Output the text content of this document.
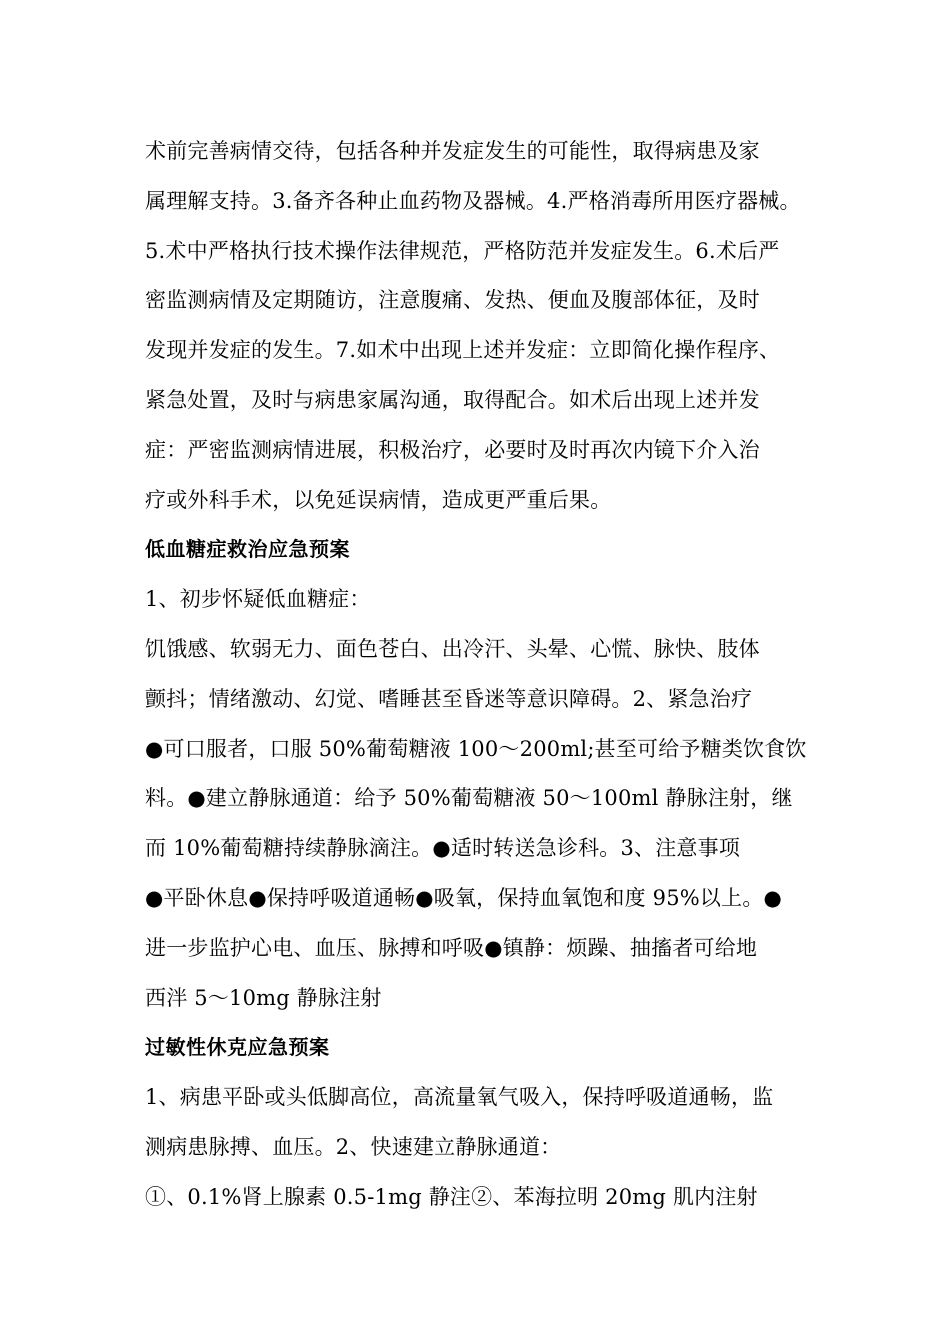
术前完善病情交待，包括各种并发症发生的可能性，取得病患及家
属理解支持。3.备齐各种止血药物及器械。4.严格消毒所用医疗器械。
5.术中严格执行技术操作法律规范，严格防范并发症发生。6.术后严
密监测病情及定期随访，注意腹痛、发热、便血及腹部体征，及时
发现并发症的发生。7.如术中出现上述并发症：立即简化操作程序、
紧急处置，及时与病患家属沟通，取得配合。如术后出现上述并发
症：严密监测病情进展，积极治疗，必要时及时再次内镜下介入治
疗或外科手术，以免延误病情，造成更严重后果。
低血糖症救治应急预案
1、初步怀疑低血糖症：
饥饿感、软弱无力、面色苍白、出冷汗、头晕、心慌、脉快、肢体
颤抖；情绪激动、幻觉、嗜睡甚至昏迷等意识障碍。2、紧急治疗
●可口服者，口服 50%葡萄糖液 100～200ml;甚至可给予糖类饮食饮
料。●建立静脉通道：给予 50%葡萄糖液 50～100ml 静脉注射，继
而 10%葡萄糖持续静脉滴注。●适时转送急诊科。3、注意事项
●平卧休息●保持呼吸道通畅●吸氧，保持血氧饱和度 95%以上。●
进一步监护心电、血压、脉搏和呼吸●镇静：烦躁、抽搐者可给地
西泮 5～10mg 静脉注射
过敏性休克应急预案
1、病患平卧或头低脚高位，高流量氧气吸入，保持呼吸道通畅，监
测病患脉搏、血压。2、快速建立静脉通道：
①、0.1%肾上腺素 0.5-1mg 静注②、苯海拉明 20mg 肌内注射
